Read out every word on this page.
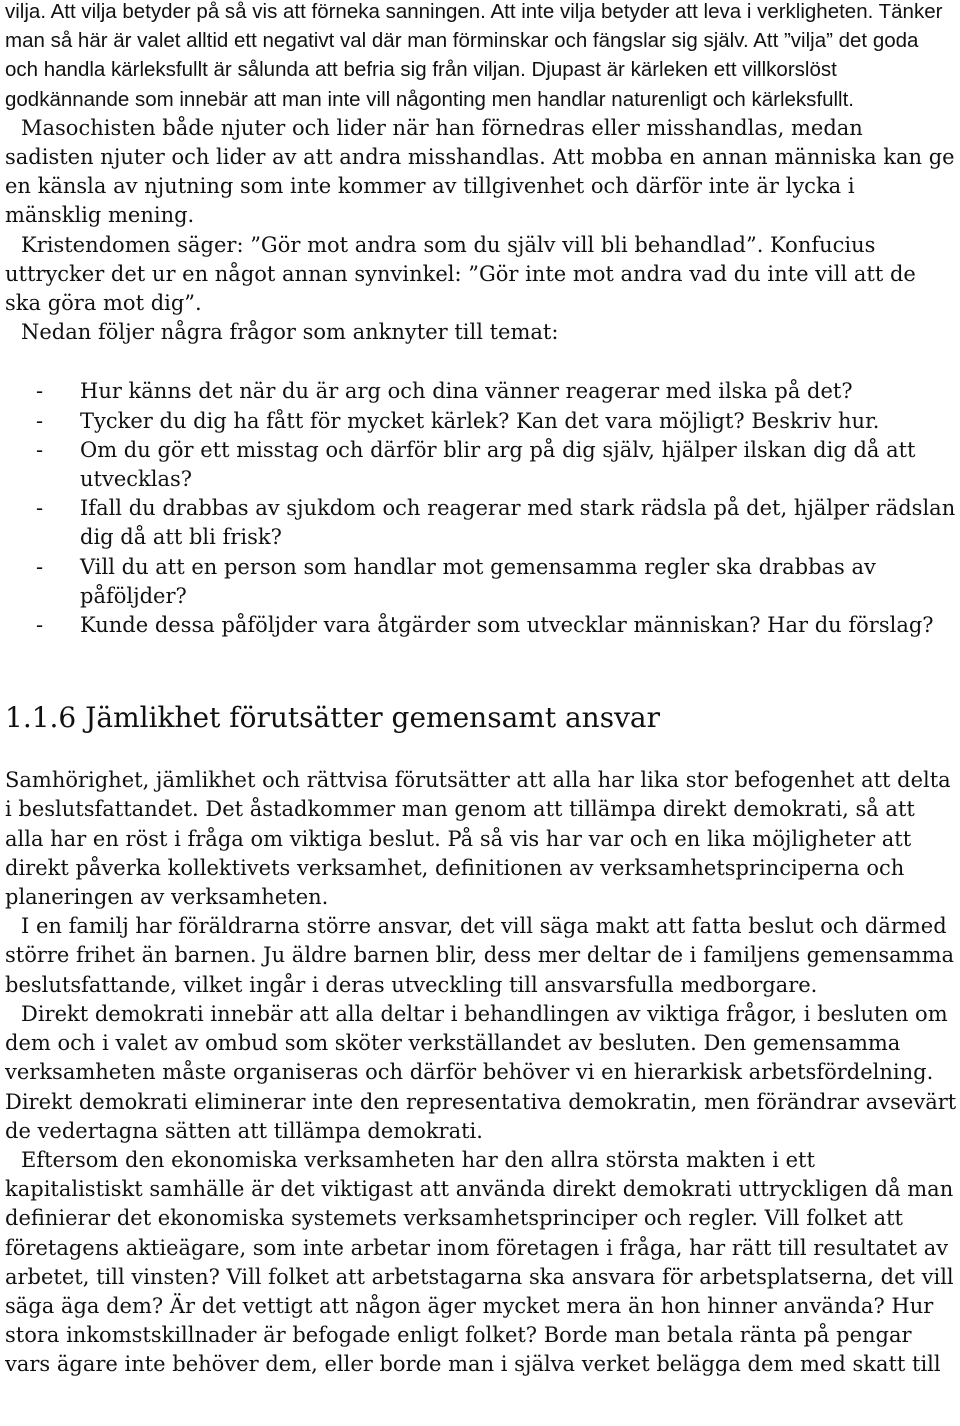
vilja. Att vilja betyder på så vis att förneka sanningen. Att inte vilja betyder att leva i verkligheten. Tänker man så här är valet alltid ett negativt val där man förminskar och fängslar sig själv. Att ”vilja” det goda och handla kärleksfullt är sålunda att befria sig från viljan. Djupast är kärleken ett villkorslöst godkännande som innebär att man inte vill någonting men handlar naturenligt och kärleksfullt.

Masochisten både njuter och lider när han förnedras eller misshandlas, medan sadisten njuter och lider av att andra misshandlas. Att mobba en annan människa kan ge en känsla av njutning som inte kommer av tillgivenhet och därför inte är lycka i mänsklig mening.

Kristendomen säger: ”Gör mot andra som du själv vill bli behandlad”. Konfucius uttrycker det ur en något annan synvinkel: ”Gör inte mot andra vad du inte vill att de ska göra mot dig”.

Nedan följer några frågor som anknyter till temat:

- Hur känns det när du är arg och dina vänner reagerar med ilska på det?
- Tycker du dig ha fått för mycket kärlek? Kan det vara möjligt? Beskriv hur.
- Om du gör ett misstag och därför blir arg på dig själv, hjälper ilskan dig då att utvecklas?
- Ifall du drabbas av sjukdom och reagerar med stark rädsla på det, hjälper rädslan dig då att bli frisk?
- Vill du att en person som handlar mot gemensamma regler ska drabbas av påföljder?
- Kunde dessa påföljder vara åtgärder som utvecklar människan? Har du förslag?
1.1.6 Jämlikhet förutsätter gemensamt ansvar

Samhörighet, jämlikhet och rättvisa förutsätter att alla har lika stor befogenhet att delta i beslutsfattandet. Det åstadkommer man genom att tillämpa direkt demokrati, så att alla har en röst i fråga om viktiga beslut. På så vis har var och en lika möjligheter att direkt påverka kollektivets verksamhet, definitionen av verksamhetsprinciperna och planeringen av verksamheten.

I en familj har föräldrarna större ansvar, det vill säga makt att fatta beslut och därmed större frihet än barnen. Ju äldre barnen blir, dess mer deltar de i familjens gemensamma beslutsfattande, vilket ingår i deras utveckling till ansvarsfulla medborgare.

Direkt demokrati innebär att alla deltar i behandlingen av viktiga frågor, i besluten om dem och i valet av ombud som sköter verkställandet av besluten. Den gemensamma verksamheten måste organiseras och därför behöver vi en hierarkisk arbetsfördelning. Direkt demokrati eliminerar inte den representativa demokratin, men förändrar avsevärt de vedertagna sätten att tillämpa demokrati.

Eftersom den ekonomiska verksamheten har den allra största makten i ett kapitalistiskt samhälle är det viktigast att använda direkt demokrati uttryckligen då man definierar det ekonomiska systemets verksamhetsprinciper och regler. Vill folket att företagens aktieägare, som inte arbetar inom företagen i fråga, har rätt till resultatet av arbetet, till vinsten? Vill folket att arbetstagarna ska ansvara för arbetsplatserna, det vill säga äga dem? Är det vettigt att någon äger mycket mera än hon hinner använda? Hur stora inkomstskillnader är befogade enligt folket? Borde man betala ränta på pengar vars ägare inte behöver dem, eller borde man i själva verket belägga dem med skatt till
